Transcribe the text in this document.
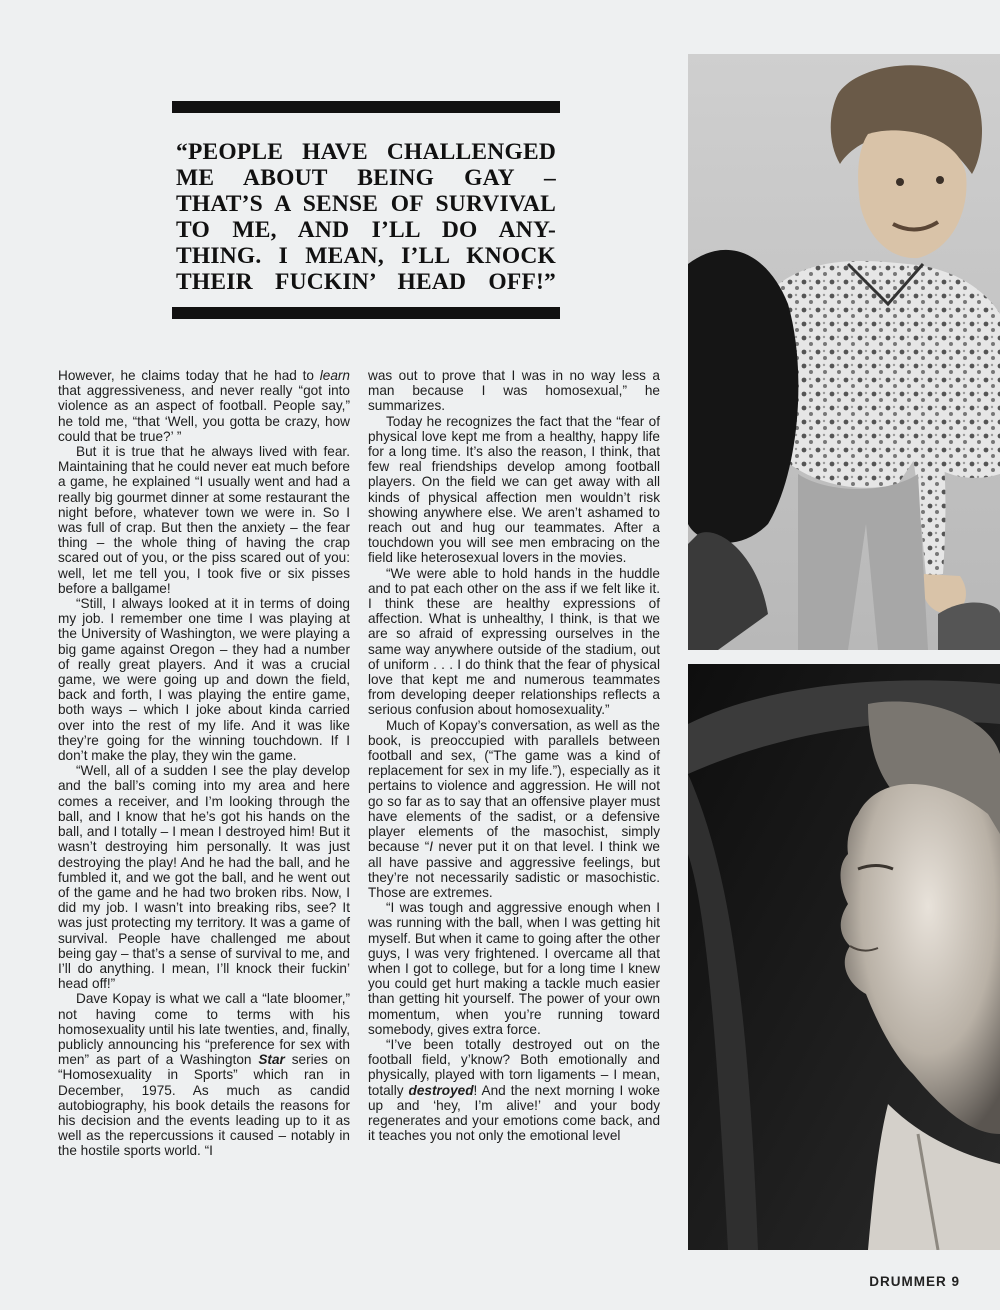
“PEOPLE HAVE CHALLENGED
ME ABOUT BEING GAY –
THAT’S A SENSE OF SURVIVAL
TO ME, AND I’LL DO ANY-
THING. I MEAN, I’LL KNOCK
THEIR FUCKIN’ HEAD OFF!”

However, he claims today that he had to learn that aggressiveness, and never really “got into violence as an aspect of football. People say,” he told me, “that ‘Well, you gotta be crazy, how could that be true?’ ”

But it is true that he always lived with fear. Maintaining that he could never eat much before a game, he explained “I usually went and had a really big gourmet dinner at some restaurant the night before, whatever town we were in. So I was full of crap. But then the anxiety – the fear thing – the whole thing of having the crap scared out of you, or the piss scared out of you: well, let me tell you, I took five or six pisses before a ballgame!

“Still, I always looked at it in terms of doing my job. I remember one time I was playing at the University of Washington, we were playing a big game against Oregon – they had a number of really great players. And it was a crucial game, we were going up and down the field, back and forth, I was playing the entire game, both ways – which I joke about kinda carried over into the rest of my life. And it was like they’re going for the winning touchdown. If I don’t make the play, they win the game.

“Well, all of a sudden I see the play develop and the ball’s coming into my area and here comes a receiver, and I’m looking through the ball, and I know that he’s got his hands on the ball, and I totally – I mean I destroyed him! But it wasn’t destroying him personally. It was just destroying the play! And he had the ball, and he fumbled it, and we got the ball, and he went out of the game and he had two broken ribs. Now, I did my job. I wasn’t into breaking ribs, see? It was just protecting my territory. It was a game of survival. People have challenged me about being gay – that’s a sense of survival to me, and I’ll do anything. I mean, I’ll knock their fuckin’ head off!”

Dave Kopay is what we call a “late bloomer,” not having come to terms with his homosexuality until his late twenties, and, finally, publicly announcing his “preference for sex with men” as part of a Washington Star series on “Homosexuality in Sports” which ran in December, 1975. As much as candid autobiography, his book details the reasons for his decision and the events leading up to it as well as the repercussions it caused – notably in the hostile sports world. “I

was out to prove that I was in no way less a man because I was homosexual,” he summarizes.

Today he recognizes the fact that the “fear of physical love kept me from a healthy, happy life for a long time. It’s also the reason, I think, that few real friendships develop among football players. On the field we can get away with all kinds of physical affection men wouldn’t risk showing anywhere else. We aren’t ashamed to reach out and hug our teammates. After a touchdown you will see men embracing on the field like heterosexual lovers in the movies.

“We were able to hold hands in the huddle and to pat each other on the ass if we felt like it. I think these are healthy expressions of affection. What is unhealthy, I think, is that we are so afraid of expressing ourselves in the same way anywhere outside of the stadium, out of uniform . . . I do think that the fear of physical love that kept me and numerous teammates from developing deeper relationships reflects a serious confusion about homosexuality.”

Much of Kopay’s conversation, as well as the book, is preoccupied with parallels between football and sex, (“The game was a kind of replacement for sex in my life.”), especially as it pertains to violence and aggression. He will not go so far as to say that an offensive player must have elements of the sadist, or a defensive player elements of the masochist, simply because “I never put it on that level. I think we all have passive and aggressive feelings, but they’re not necessarily sadistic or masochistic. Those are extremes.

“I was tough and aggressive enough when I was running with the ball, when I was getting hit myself. But when it came to going after the other guys, I was very frightened. I overcame all that when I got to college, but for a long time I knew you could get hurt making a tackle much easier than getting hit yourself. The power of your own momentum, when you’re running toward somebody, gives extra force.

“I’ve been totally destroyed out on the football field, y’know? Both emotionally and physically, played with torn ligaments – I mean, totally destroyed! And the next morning I woke up and ‘hey, I’m alive!’ and your body regenerates and your emotions come back, and it teaches you not only the emotional level

DRUMMER 9
